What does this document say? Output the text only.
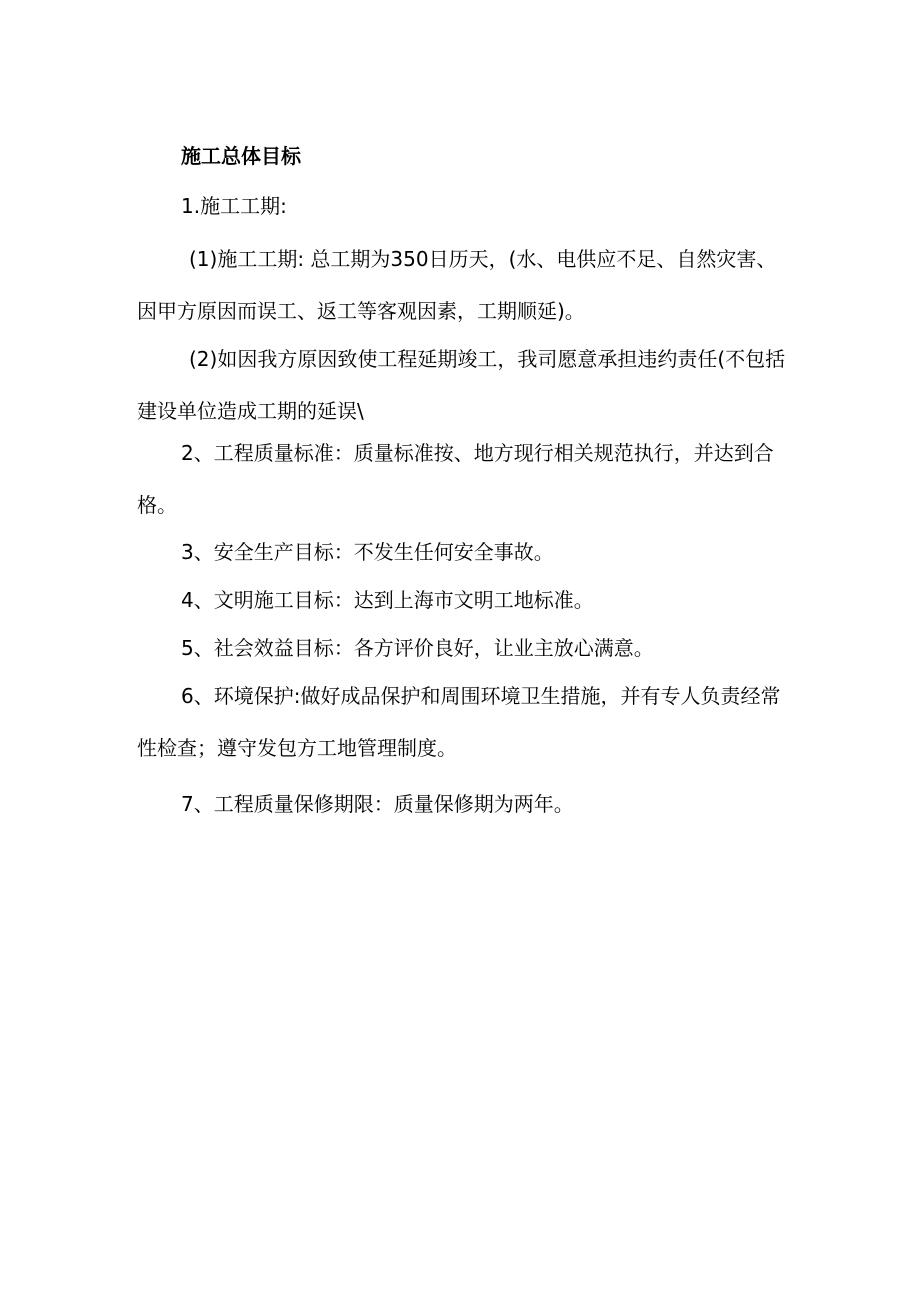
施工总体目标

1.施工工期:

(1)施工工期: 总工期为350日历天，(水、电供应不足、自然灾害、因甲方原因而误工、返工等客观因素，工期顺延)。

(2)如因我方原因致使工程延期竣工，我司愿意承担违约责任(不包括建设单位造成工期的延误\

2、工程质量标准：质量标准按、地方现行相关规范执行，并达到合格。

3、安全生产目标：不发生任何安全事故。

4、文明施工目标：达到上海市文明工地标准。

5、社会效益目标：各方评价良好，让业主放心满意。

6、环境保护:做好成品保护和周围环境卫生措施，并有专人负责经常性检查；遵守发包方工地管理制度。

7、工程质量保修期限：质量保修期为两年。
